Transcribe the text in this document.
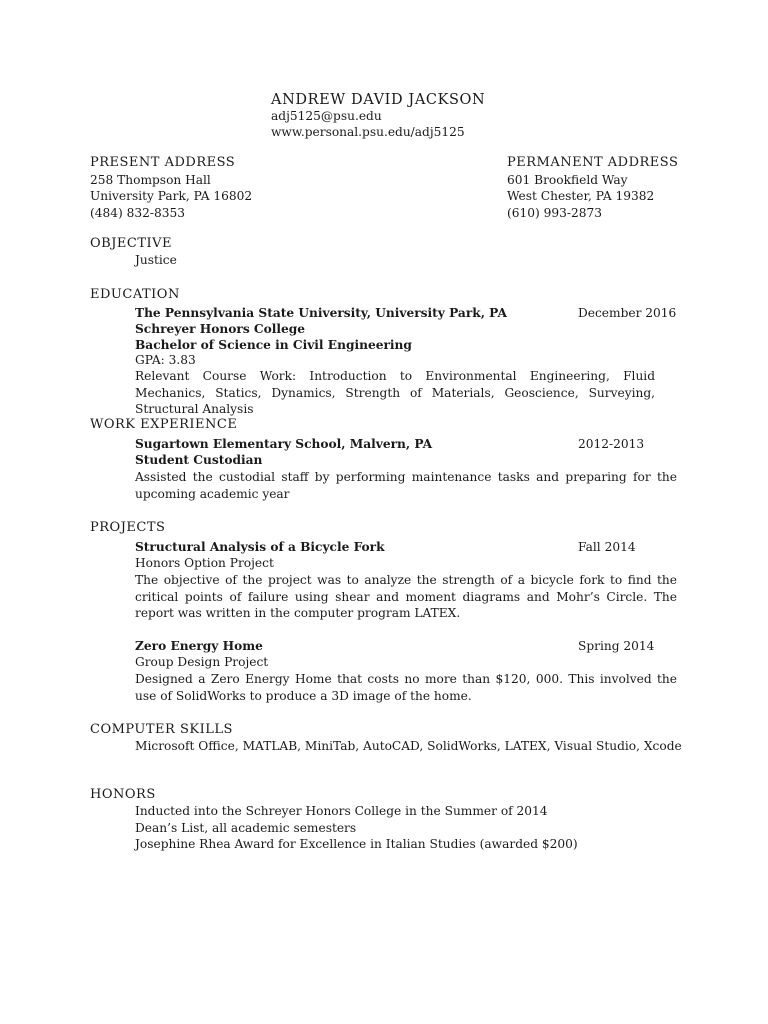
ANDREW DAVID JACKSON
adj5125@psu.edu
www.personal.psu.edu/adj5125
PRESENT ADDRESS
258 Thompson Hall
University Park, PA 16802
(484) 832-8353
PERMANENT ADDRESS
601 Brookfield Way
West Chester, PA 19382
(610) 993-2873
OBJECTIVE
Justice
EDUCATION
The Pennsylvania State University, University Park, PA	December 2016
Schreyer Honors College
Bachelor of Science in Civil Engineering
GPA: 3.83
Relevant Course Work: Introduction to Environmental Engineering, Fluid Mechanics, Statics, Dynamics, Strength of Materials, Geoscience, Surveying, Structural Analysis
WORK EXPERIENCE
Sugartown Elementary School, Malvern, PA	2012-2013
Student Custodian
Assisted the custodial staff by performing maintenance tasks and preparing for the upcoming academic year
PROJECTS
Structural Analysis of a Bicycle Fork	Fall 2014
Honors Option Project
The objective of the project was to analyze the strength of a bicycle fork to find the critical points of failure using shear and moment diagrams and Mohr’s Circle. The report was written in the computer program LATEX.
Zero Energy Home	Spring 2014
Group Design Project
Designed a Zero Energy Home that costs no more than $120, 000. This involved the use of SolidWorks to produce a 3D image of the home.
COMPUTER SKILLS
Microsoft Office, MATLAB, MiniTab, AutoCAD, SolidWorks, LATEX, Visual Studio, Xcode
HONORS
Inducted into the Schreyer Honors College in the Summer of 2014
Dean’s List, all academic semesters
Josephine Rhea Award for Excellence in Italian Studies (awarded $200)
